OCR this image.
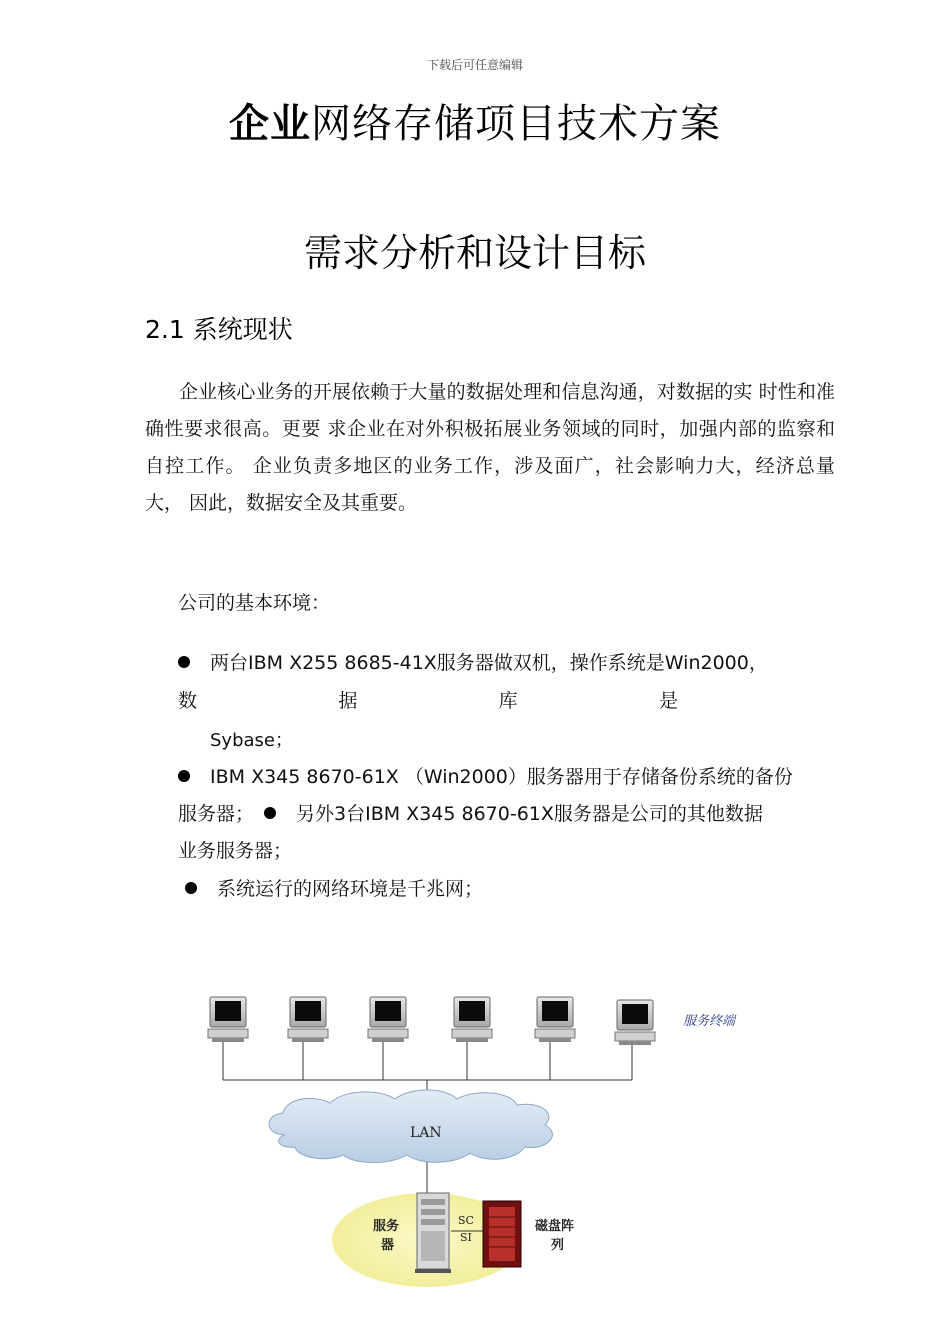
下载后可任意编辑
企业网络存储项目技术方案
需求分析和设计目标
2.1 系统现状
企业核心业务的开展依赖于大量的数据处理和信息沟通，对数据的实 时性和准确性要求很高。更要 求企业在对外积极拓展业务领域的同时，加强内部的监察和自控工作。 企业负责多地区的业务工作，涉及面广，社会影响力大，经济总量大， 因此，数据安全及其重要。
公司的基本环境：
两台IBM X255 8685-41X服务器做双机，操作系统是Win2000，
数	据	库	是
Sybase；
IBM X345 8670-61X （Win2000）服务器用于存储备份系统的备份
服务器； 另外3台IBM X345 8670-61X服务器是公司的其他数据
业务服务器；
系统运行的网络环境是千兆网；
服务终端
LAN
SC
SI
服务
器
磁盘阵
列
